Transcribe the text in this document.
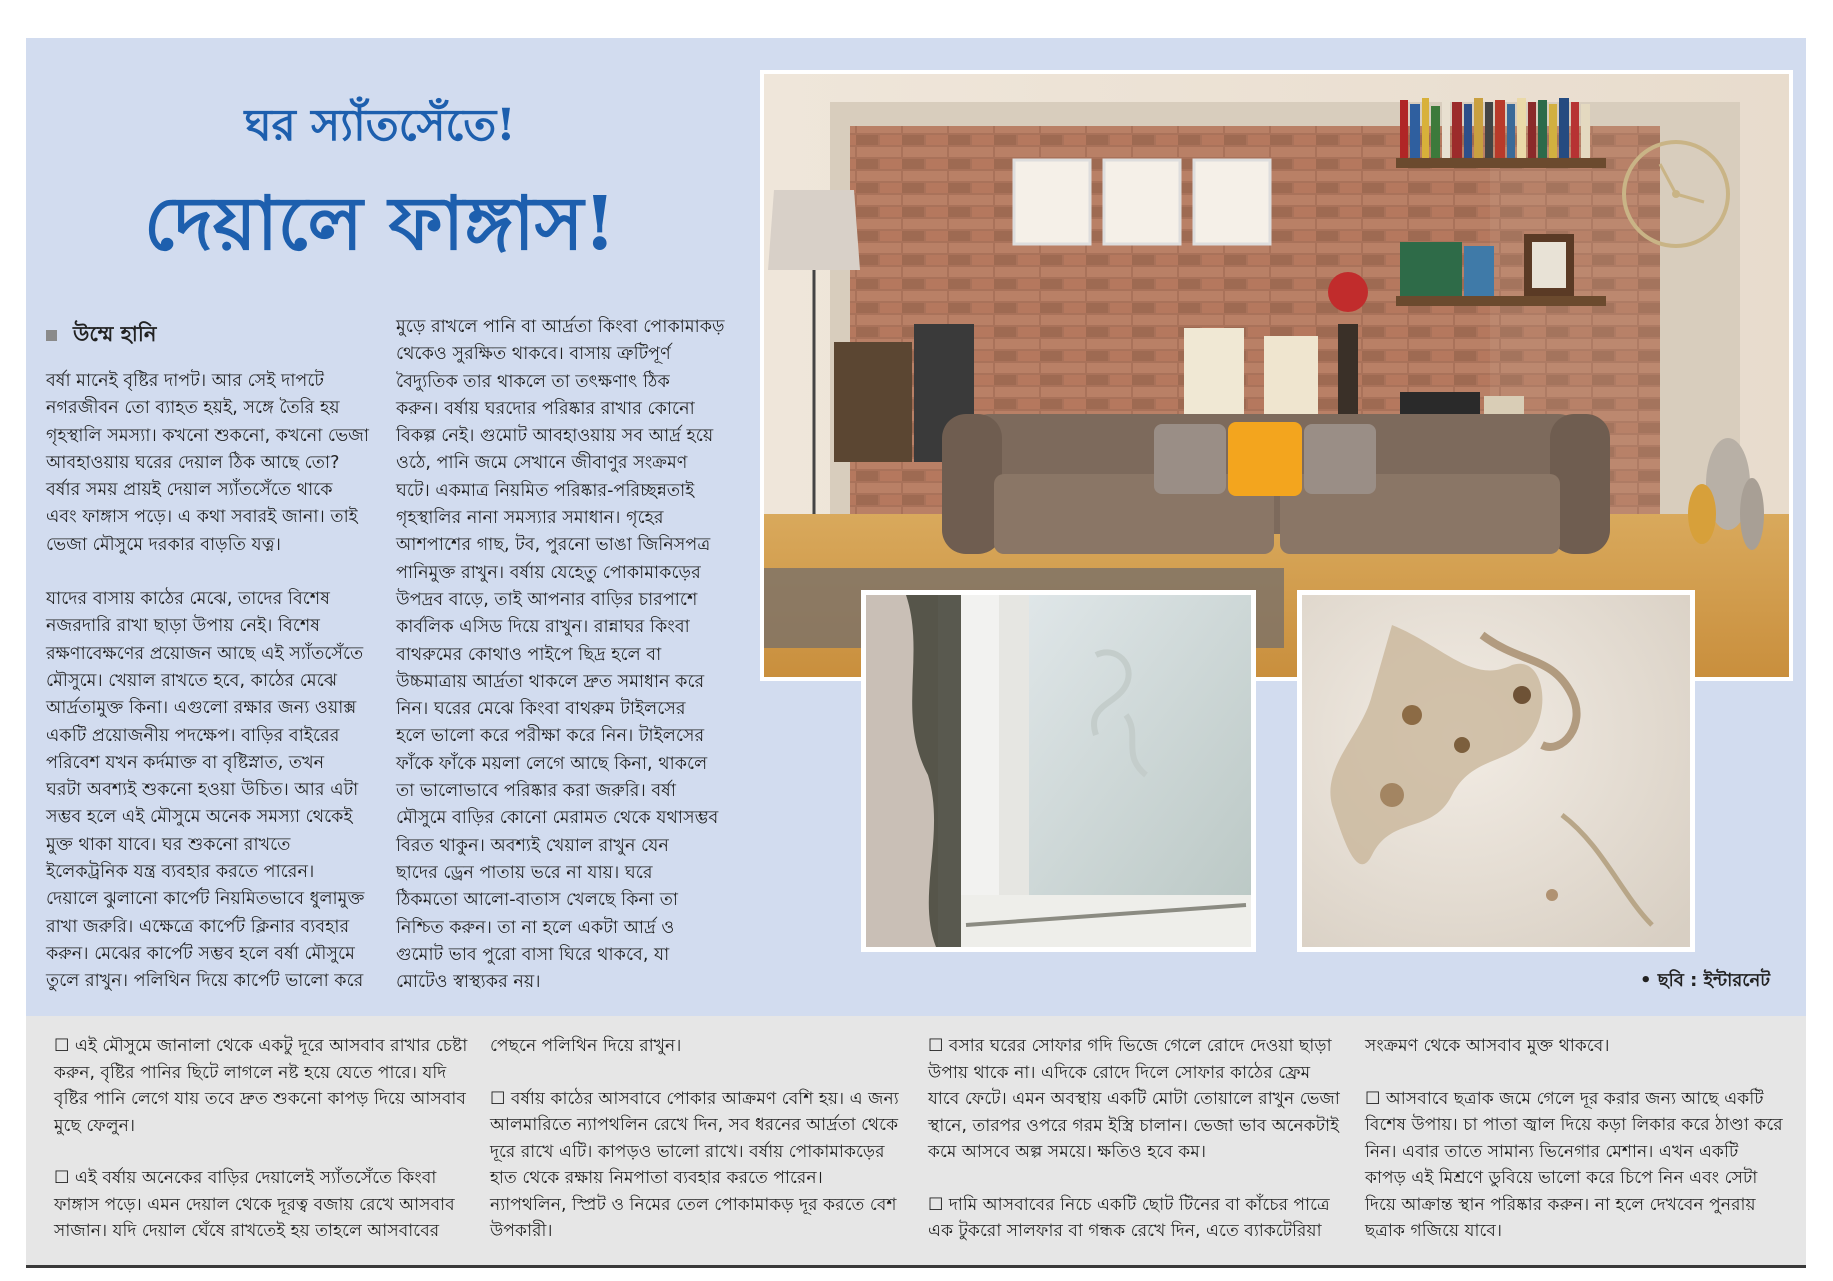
ঘর স্যাঁতসেঁতে!
দেয়ালে ফাঙ্গাস!
উম্মে হানি

বর্ষা মানেই বৃষ্টির দাপট। আর সেই দাপটে

নগরজীবন তো ব্যাহত হয়ই, সঙ্গে তৈরি হয়

গৃহস্থালি সমস্যা। কখনো শুকনো, কখনো ভেজা

আবহাওয়ায় ঘরের দেয়াল ঠিক আছে তো?

বর্ষার সময় প্রায়ই দেয়াল স্যাঁতসেঁতে থাকে

এবং ফাঙ্গাস পড়ে। এ কথা সবারই জানা। তাই

ভেজা মৌসুমে দরকার বাড়তি যত্ন।

যাদের বাসায় কাঠের মেঝে, তাদের বিশেষ

নজরদারি রাখা ছাড়া উপায় নেই। বিশেষ

রক্ষণাবেক্ষণের প্রয়োজন আছে এই স্যাঁতসেঁতে

মৌসুমে। খেয়াল রাখতে হবে, কাঠের মেঝে

আর্দ্রতামুক্ত কিনা। এগুলো রক্ষার জন্য ওয়াক্স

একটি প্রয়োজনীয় পদক্ষেপ। বাড়ির বাইরের

পরিবেশ যখন কর্দমাক্ত বা বৃষ্টিস্নাত, তখন

ঘরটা অবশ্যই শুকনো হওয়া উচিত। আর এটা

সম্ভব হলে এই মৌসুমে অনেক সমস্যা থেকেই

মুক্ত থাকা যাবে। ঘর শুকনো রাখতে

ইলেকট্রনিক যন্ত্র ব্যবহার করতে পারেন।

দেয়ালে ঝুলানো কার্পেট নিয়মিতভাবে ধুলামুক্ত

রাখা জরুরি। এক্ষেত্রে কার্পেট ক্লিনার ব্যবহার

করুন। মেঝের কার্পেট সম্ভব হলে বর্ষা মৌসুমে

তুলে রাখুন। পলিথিন দিয়ে কার্পেট ভালো করে

মুড়ে রাখলে পানি বা আর্দ্রতা কিংবা পোকামাকড়

থেকেও সুরক্ষিত থাকবে। বাসায় ত্রুটিপূর্ণ

বৈদ্যুতিক তার থাকলে তা তৎক্ষণাৎ ঠিক

করুন। বর্ষায় ঘরদোর পরিষ্কার রাখার কোনো

বিকল্প নেই। গুমোট আবহাওয়ায় সব আর্দ্র হয়ে

ওঠে, পানি জমে সেখানে জীবাণুর সংক্রমণ

ঘটে। একমাত্র নিয়মিত পরিষ্কার-পরিচ্ছন্নতাই

গৃহস্থালির নানা সমস্যার সমাধান। গৃহের

আশপাশের গাছ, টব, পুরনো ভাঙা জিনিসপত্র

পানিমুক্ত রাখুন। বর্ষায় যেহেতু পোকামাকড়ের

উপদ্রব বাড়ে, তাই আপনার বাড়ির চারপাশে

কার্বলিক এসিড দিয়ে রাখুন। রান্নাঘর কিংবা

বাথরুমের কোথাও পাইপে ছিদ্র হলে বা

উচ্চমাত্রায় আর্দ্রতা থাকলে দ্রুত সমাধান করে

নিন। ঘরের মেঝে কিংবা বাথরুম টাইলসের

হলে ভালো করে পরীক্ষা করে নিন। টাইলসের

ফাঁকে ফাঁকে ময়লা লেগে আছে কিনা, থাকলে

তা ভালোভাবে পরিষ্কার করা জরুরি। বর্ষা

মৌসুমে বাড়ির কোনো মেরামত থেকে যথাসম্ভব

বিরত থাকুন। অবশ্যই খেয়াল রাখুন যেন

ছাদের ড্রেন পাতায় ভরে না যায়। ঘরে

ঠিকমতো আলো-বাতাস খেলছে কিনা তা

নিশ্চিত করুন। তা না হলে একটা আর্দ্র ও

গুমোট ভাব পুরো বাসা ঘিরে থাকবে, যা

মোটেও স্বাস্থ্যকর নয়।	• ছবি : ইন্টারনেট

☐ এই মৌসুমে জানালা থেকে একটু দূরে আসবাব রাখার চেষ্টা

করুন, বৃষ্টির পানির ছিটে লাগলে নষ্ট হয়ে যেতে পারে। যদি

বৃষ্টির পানি লেগে যায় তবে দ্রুত শুকনো কাপড় দিয়ে আসবাব

মুছে ফেলুন।

☐ এই বর্ষায় অনেকের বাড়ির দেয়ালেই স্যাঁতসেঁতে কিংবা

ফাঙ্গাস পড়ে। এমন দেয়াল থেকে দূরত্ব বজায় রেখে আসবাব

সাজান। যদি দেয়াল ঘেঁষে রাখতেই হয় তাহলে আসবাবের

পেছনে পলিথিন দিয়ে রাখুন।

☐ বর্ষায় কাঠের আসবাবে পোকার আক্রমণ বেশি হয়। এ জন্য

আলমারিতে ন্যাপথলিন রেখে দিন, সব ধরনের আর্দ্রতা থেকে

দূরে রাখে এটি। কাপড়ও ভালো রাখে। বর্ষায় পোকামাকড়ের

হাত থেকে রক্ষায় নিমপাতা ব্যবহার করতে পারেন।

ন্যাপথলিন, স্প্রিট ও নিমের তেল পোকামাকড় দূর করতে বেশ

উপকারী।

☐ বসার ঘরের সোফার গদি ভিজে গেলে রোদে দেওয়া ছাড়া

উপায় থাকে না। এদিকে রোদে দিলে সোফার কাঠের ফ্রেম

যাবে ফেটে। এমন অবস্থায় একটি মোটা তোয়ালে রাখুন ভেজা

স্থানে, তারপর ওপরে গরম ইস্ত্রি চালান। ভেজা ভাব অনেকটাই

কমে আসবে অল্প সময়ে। ক্ষতিও হবে কম।

☐ দামি আসবাবের নিচে একটি ছোট টিনের বা কাঁচের পাত্রে

এক টুকরো সালফার বা গন্ধক রেখে দিন, এতে ব্যাকটেরিয়া

সংক্রমণ থেকে আসবাব মুক্ত থাকবে।

☐ আসবাবে ছত্রাক জমে গেলে দূর করার জন্য আছে একটি

বিশেষ উপায়। চা পাতা জ্বাল দিয়ে কড়া লিকার করে ঠাণ্ডা করে

নিন। এবার তাতে সামান্য ভিনেগার মেশান। এখন একটি

কাপড় এই মিশ্রণে ডুবিয়ে ভালো করে চিপে নিন এবং সেটা

দিয়ে আক্রান্ত স্থান পরিষ্কার করুন। না হলে দেখবেন পুনরায়

ছত্রাক গজিয়ে যাবে।
